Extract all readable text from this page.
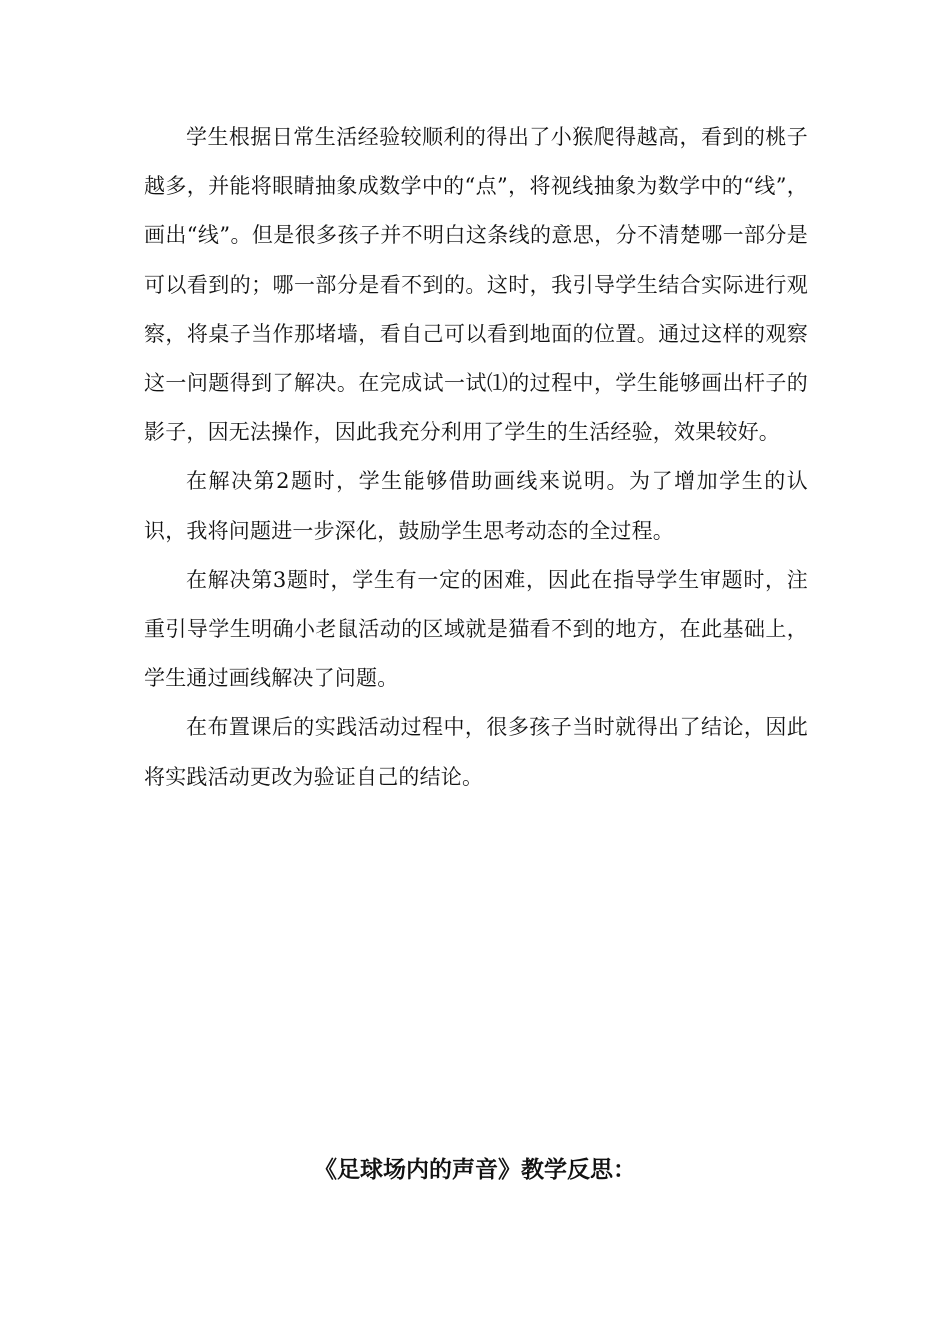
学生根据日常生活经验较顺利的得出了小猴爬得越高，看到的桃子越多，并能将眼睛抽象成数学中的“点”，将视线抽象为数学中的“线”，画出“线”。但是很多孩子并不明白这条线的意思，分不清楚哪一部分是可以看到的；哪一部分是看不到的。这时，我引导学生结合实际进行观察，将桌子当作那堵墙，看自己可以看到地面的位置。通过这样的观察这一问题得到了解决。在完成试一试⑴的过程中，学生能够画出杆子的影子，因无法操作，因此我充分利用了学生的生活经验，效果较好。

在解决第2题时，学生能够借助画线来说明。为了增加学生的认识，我将问题进一步深化，鼓励学生思考动态的全过程。

在解决第3题时，学生有一定的困难，因此在指导学生审题时，注重引导学生明确小老鼠活动的区域就是猫看不到的地方，在此基础上，学生通过画线解决了问题。

在布置课后的实践活动过程中，很多孩子当时就得出了结论，因此将实践活动更改为验证自己的结论。

《足球场内的声音》教学反思：
